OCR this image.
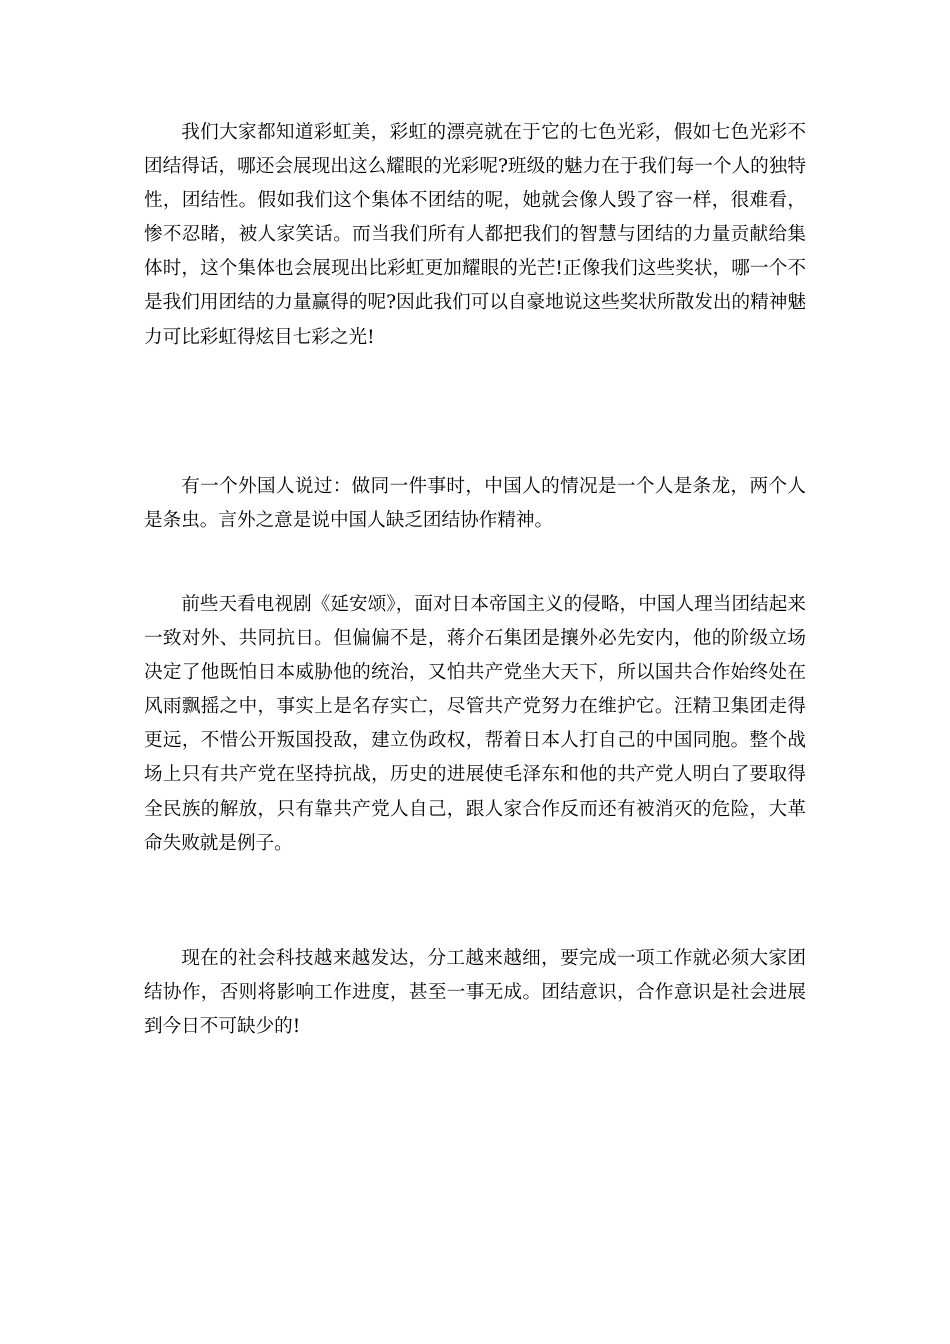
我们大家都知道彩虹美，彩虹的漂亮就在于它的七色光彩，假如七色光彩不团结得话，哪还会展现出这么耀眼的光彩呢?班级的魅力在于我们每一个人的独特性，团结性。假如我们这个集体不团结的呢，她就会像人毁了容一样，很难看，惨不忍睹，被人家笑话。而当我们所有人都把我们的智慧与团结的力量贡献给集体时，这个集体也会展现出比彩虹更加耀眼的光芒!正像我们这些奖状，哪一个不是我们用团结的力量赢得的呢?因此我们可以自豪地说这些奖状所散发出的精神魅力可比彩虹得炫目七彩之光!

有一个外国人说过：做同一件事时，中国人的情况是一个人是条龙，两个人是条虫。言外之意是说中国人缺乏团结协作精神。

前些天看电视剧《延安颂》，面对日本帝国主义的侵略，中国人理当团结起来一致对外、共同抗日。但偏偏不是，蒋介石集团是攘外必先安内，他的阶级立场决定了他既怕日本威胁他的统治，又怕共产党坐大天下，所以国共合作始终处在风雨飘摇之中，事实上是名存实亡，尽管共产党努力在维护它。汪精卫集团走得更远，不惜公开叛国投敌，建立伪政权，帮着日本人打自己的中国同胞。整个战场上只有共产党在坚持抗战，历史的进展使毛泽东和他的共产党人明白了要取得全民族的解放，只有靠共产党人自己，跟人家合作反而还有被消灭的危险，大革命失败就是例子。

现在的社会科技越来越发达，分工越来越细，要完成一项工作就必须大家团结协作，否则将影响工作进度，甚至一事无成。团结意识，合作意识是社会进展到今日不可缺少的!
